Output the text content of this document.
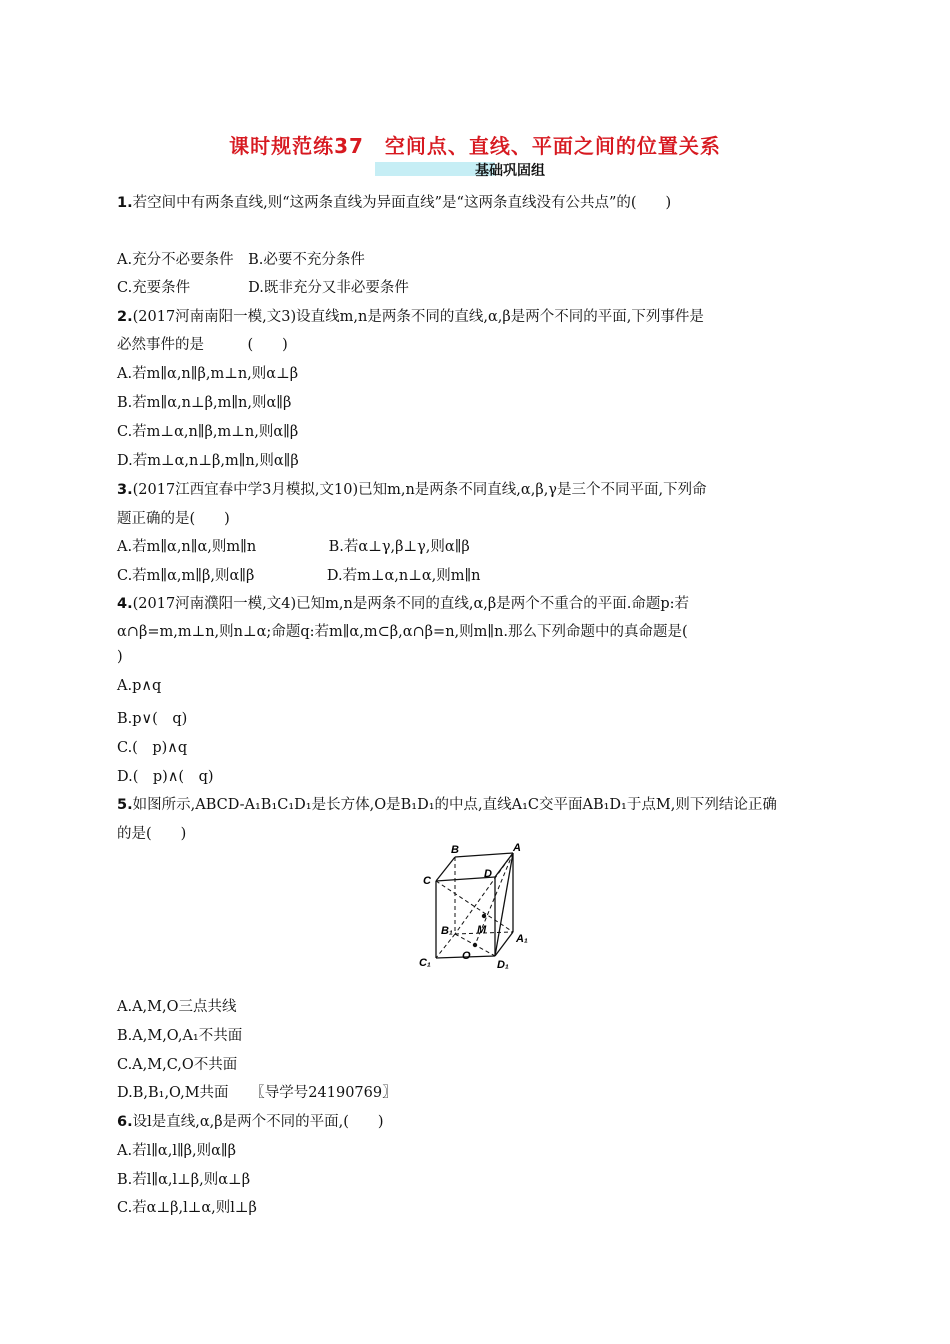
课时规范练37　空间点、直线、平面之间的位置关系
基础巩固组
1.若空间中有两条直线,则“这两条直线为异面直线”是“这两条直线没有公共点”的(　　)
A.充分不必要条件　B.必要不充分条件
C.充要条件　　　　D.既非充分又非必要条件
2.(2017河南南阳一模,文3)设直线m,n是两条不同的直线,α,β是两个不同的平面,下列事件是
必然事件的是　　　(　　)
A.若m∥α,n∥β,m⊥n,则α⊥β
B.若m∥α,n⊥β,m∥n,则α∥β
C.若m⊥α,n∥β,m⊥n,则α∥β
D.若m⊥α,n⊥β,m∥n,则α∥β
3.(2017江西宜春中学3月模拟,文10)已知m,n是两条不同直线,α,β,γ是三个不同平面,下列命
题正确的是(　　)
A.若m∥α,n∥α,则m∥n　　　　　B.若α⊥γ,β⊥γ,则α∥β
C.若m∥α,m∥β,则α∥β　　　　　D.若m⊥α,n⊥α,则m∥n
4.(2017河南濮阳一模,文4)已知m,n是两条不同的直线,α,β是两个不重合的平面.命题p:若
α∩β=m,m⊥n,则n⊥α;命题q:若m∥α,m⊂β,α∩β=n,则m∥n.那么下列命题中的真命题是(
)
A.p∧q
B.p∨(　q)
C.(　p)∧q
D.(　p)∧(　q)
5.如图所示,ABCD-A₁B₁C₁D₁是长方体,O是B₁D₁的中点,直线A₁C交平面AB₁D₁于点M,则下列结论正确
的是(　　)
A.A,M,O三点共线
B.A,M,O,A₁不共面
C.A,M,C,O不共面
D.B,B₁,O,M共面　　〖导学号24190769〗
6.设l是直线,α,β是两个不同的平面,(　　)
A.若l∥α,l∥β,则α∥β
B.若l∥α,l⊥β,则α⊥β
C.若α⊥β,l⊥α,则l⊥β
B	A
C
D
B₁ M
A₁
O
C₁	D₁
